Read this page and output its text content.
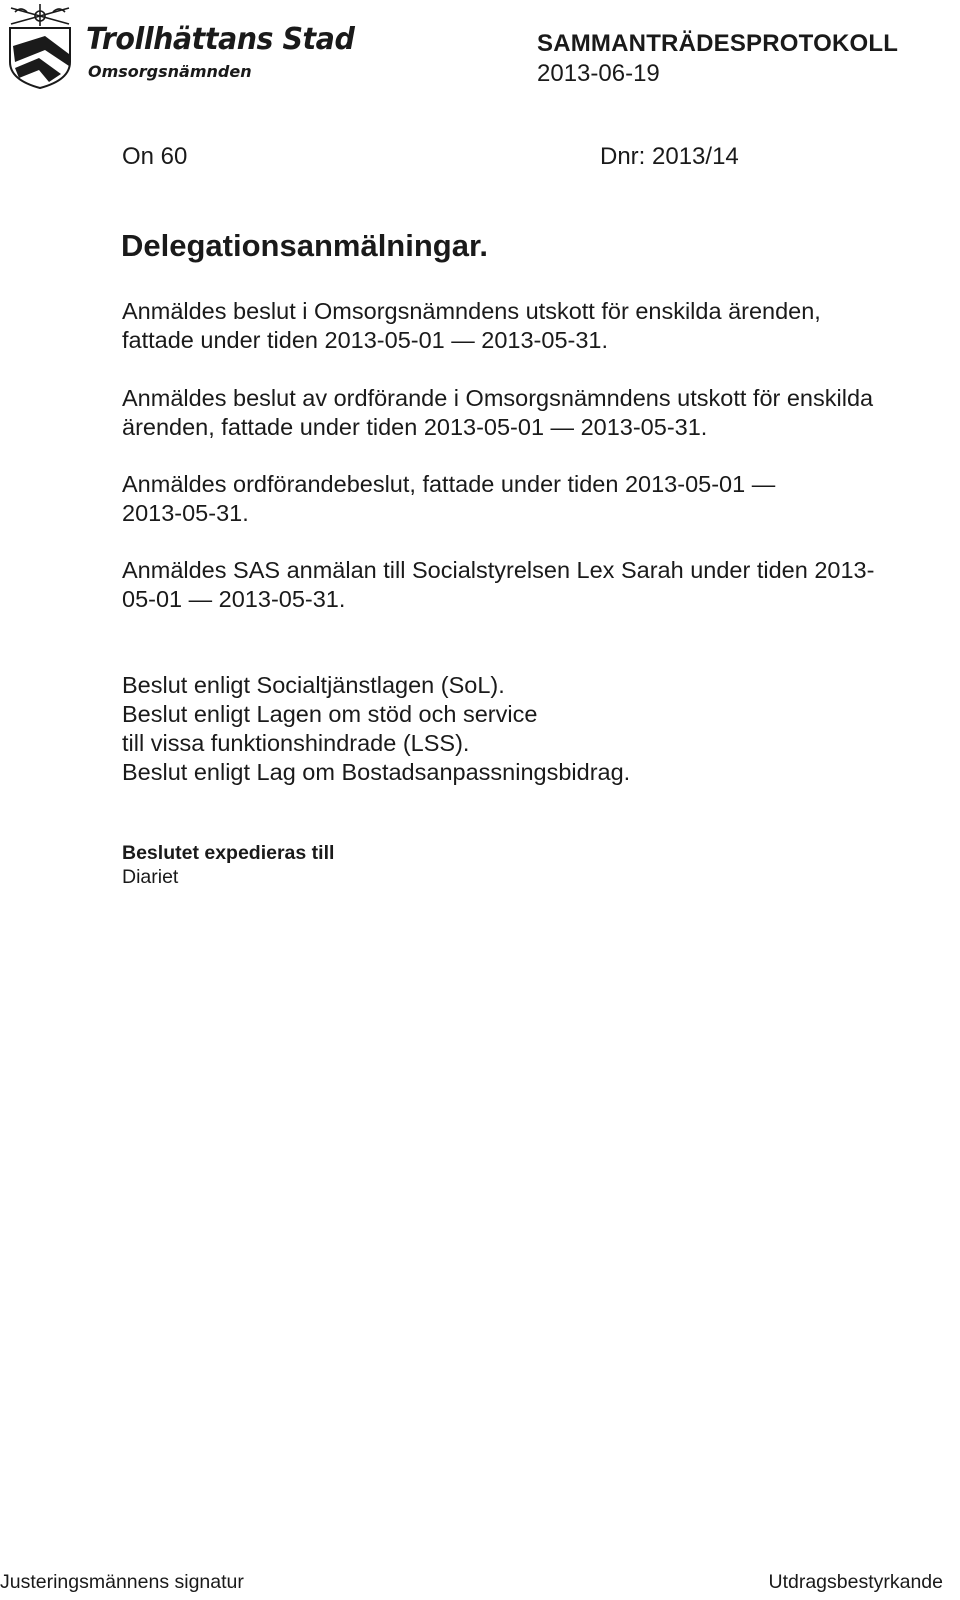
Trollhättans Stad
Omsorgsnämnden
SAMMANTRÄDESPROTOKOLL
2013-06-19
On 60	Dnr: 2013/14
Delegationsanmälningar.
Anmäldes beslut i Omsorgsnämndens utskott för enskilda ärenden,
fattade under tiden 2013-05-01 — 2013-05-31.
Anmäldes beslut av ordförande i Omsorgsnämndens utskott för enskilda
ärenden, fattade under tiden 2013-05-01 — 2013-05-31.
Anmäldes ordförandebeslut, fattade under tiden 2013-05-01 —
2013-05-31.
Anmäldes SAS anmälan till Socialstyrelsen Lex Sarah under tiden 2013-
05-01 — 2013-05-31.
Beslut enligt Socialtjänstlagen (SoL).
Beslut enligt Lagen om stöd och service
till vissa funktionshindrade (LSS).
Beslut enligt Lag om Bostadsanpassningsbidrag.
Beslutet expedieras till
Diariet
Justeringsmännens signatur	Utdragsbestyrkande
